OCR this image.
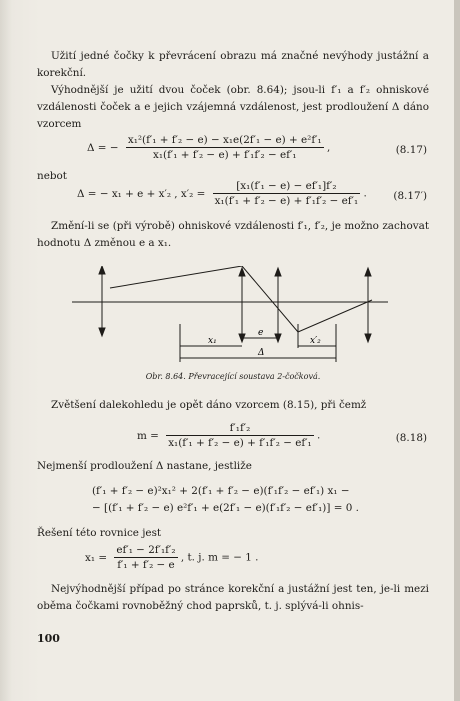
Užití jedné čočky k převrácení obrazu má značné nevýhody justážní a korekční.
Výhodnější je užití dvou čoček (obr. 8.64); jsou-li f′₁ a f′₂ ohniskové vzdálenosti čoček a e jejich vzájemná vzdálenost, jest prodloužení Δ dáno vzorcem
Δ = − $\frac{\text{x₁²(f′₁ + f′₂ − e) − x₁e(2f′₁ − e) + e²f′₁}}{\text{x₁(f′₁ + f′₂ − e) + f′₁f′₂ − ef′₁}}$ ,	(8.17)
nebot
Δ = − x₁ + e + x′₂ , $x'_2 = \frac{\text{[x₁(f′₁ − e) − ef′₁]f′₂}}{\text{x₁(f′₁ + f′₂ − e) + f′₁f′₂ − ef′₁}}$ .	(8.17′)
Změní-li se (při výrobě) ohniskové vzdálenosti f′₁, f′₂, je možno zachovat hodnotu Δ změnou e a x₁.
x₁
e
x′₂
Δ
Obr. 8.64. Převracející soustava 2-čočková.
Zvětšení dalekohledu je opět dáno vzorcem (8.15), při čemž
$m = \frac{\text{f′₁f′₂}}{\text{x₁(f′₁ + f′₂ − e) + f′₁f′₂ − ef′₁}}$ .	(8.18)
Nejmenší prodloužení Δ nastane, jestliže
(f′₁ + f′₂ − e)²x₁² + 2(f′₁ + f′₂ − e)(f′₁f′₂ − ef′₁) x₁ −
− [(f′₁ + f′₂ − e) e²f′₁ + e(2f′₁ − e)(f′₁f′₂ − ef′₁)] = 0 .
Řešení této rovnice jest
$x_1 = \frac{\text{ef′₁ − 2f′₁f′₂}}{\text{f′₁ + f′₂ − e}}$ , t. j. m = − 1 .
Nejvýhodnější případ po stránce korekční a justážní jest ten, je-li mezi oběma čočkami rovnoběžný chod paprsků, t. j. splývá-li ohnis-
100
